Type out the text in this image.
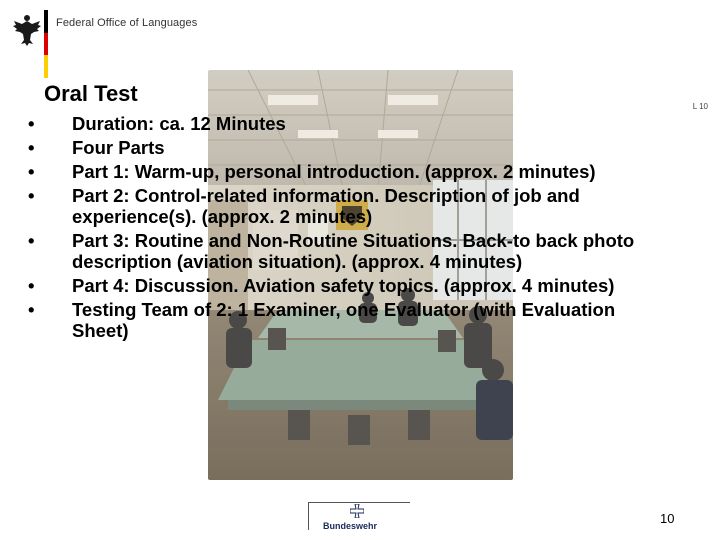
Federal Office of Languages
Oral Test
L 10
• Duration: ca. 12 Minutes
• Four Parts
• Part 1: Warm-up, personal introduction. (approx. 2 minutes)
• Part 2: Control-related information. Description of job and experience(s). (approx. 2 minutes)
• Part 3: Routine and Non-Routine Situations. Back-to back photo description (aviation situation). (approx. 4 minutes)
• Part 4: Discussion. Aviation safety topics. (approx. 4 minutes)
• Testing Team of 2: 1 Examiner, one Evaluator (with Evaluation Sheet)
Bundeswehr	10
